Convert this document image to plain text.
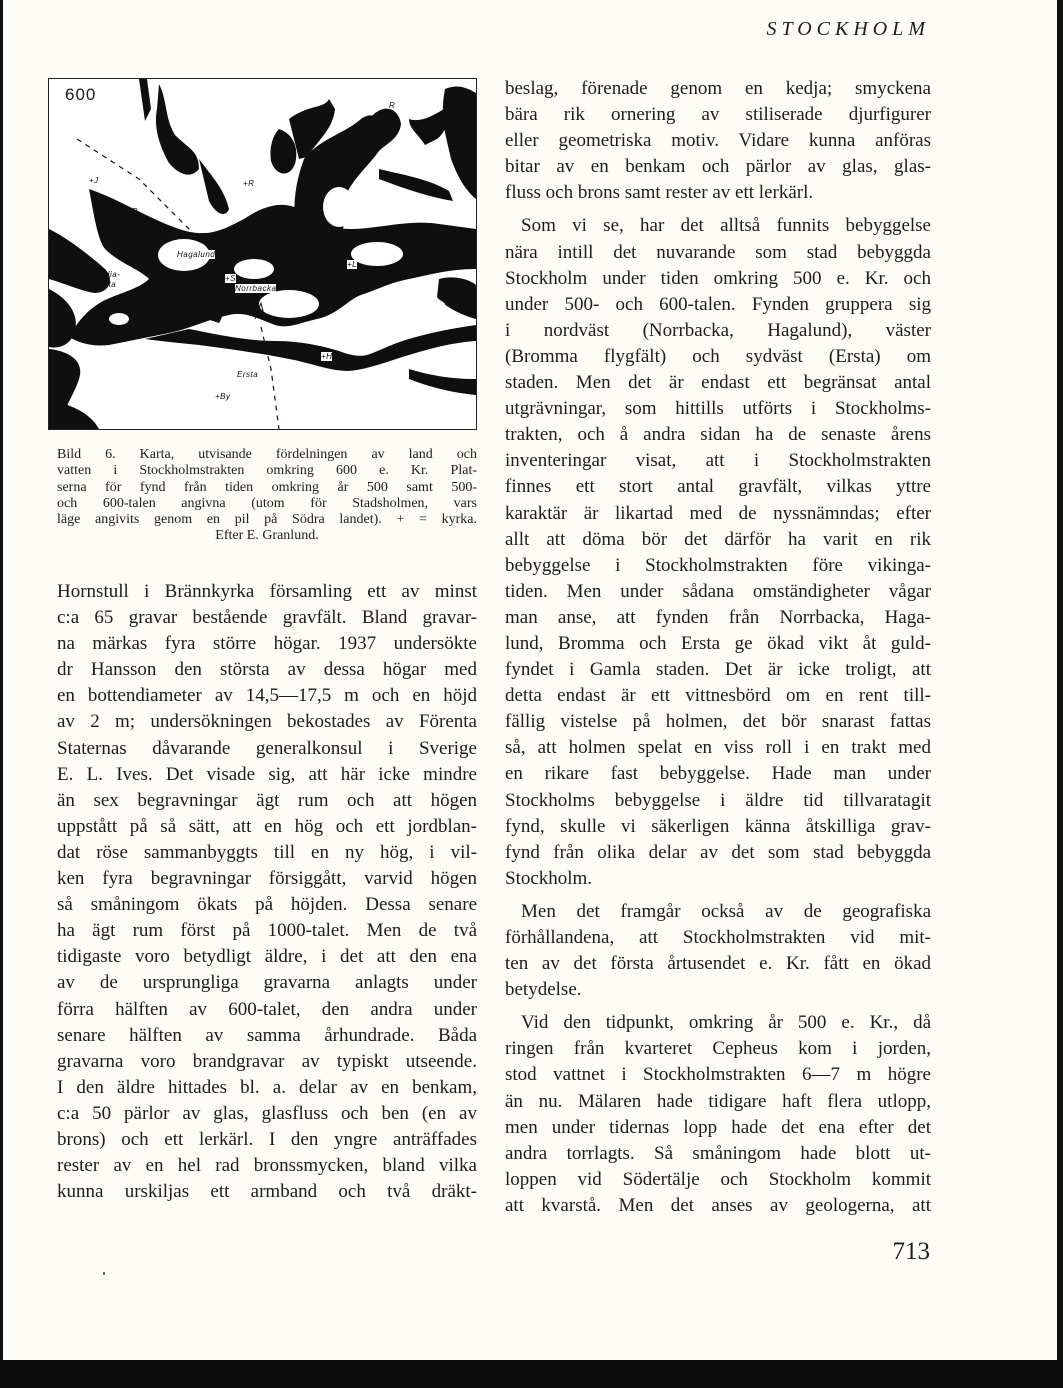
STOCKHOLM
600
Hagalund
Glia-
linta	Norrbacka
Ersta
+B
+S
+SP
+J	+R
+L
+H
+By
R
Bild 6. Karta, utvisande fördelningen av land och
vatten i Stockholmstrakten omkring 600 e. Kr. Plat-
serna för fynd från tiden omkring år 500 samt 500-
och 600-talen angivna (utom för Stadsholmen, vars
läge angivits genom en pil på Södra landet). + = kyrka.
Efter E. Granlund.
Hornstull i Brännkyrka församling ett av minst
c:a 65 gravar bestående gravfält. Bland gravar-
na märkas fyra större högar. 1937 undersökte
dr Hansson den största av dessa högar med
en bottendiameter av 14,5—17,5 m och en höjd
av 2 m; undersökningen bekostades av Förenta
Staternas dåvarande generalkonsul i Sverige
E. L. Ives. Det visade sig, att här icke mindre
än sex begravningar ägt rum och att högen
uppstått på så sätt, att en hög och ett jordblan-
dat röse sammanbyggts till en ny hög, i vil-
ken fyra begravningar försiggått, varvid högen
så småningom ökats på höjden. Dessa senare
ha ägt rum först på 1000-talet. Men de två
tidigaste voro betydligt äldre, i det att den ena
av de ursprungliga gravarna anlagts under
förra hälften av 600-talet, den andra under
senare hälften av samma århundrade. Båda
gravarna voro brandgravar av typiskt utseende.
I den äldre hittades bl. a. delar av en benkam,
c:a 50 pärlor av glas, glasfluss och ben (en av
brons) och ett lerkärl. I den yngre anträffades
rester av en hel rad bronssmycken, bland vilka
kunna urskiljas ett armband och två dräkt-
beslag, förenade genom en kedja; smyckena
bära rik ornering av stiliserade djurfigurer
eller geometriska motiv. Vidare kunna anföras
bitar av en benkam och pärlor av glas, glas-
fluss och brons samt rester av ett lerkärl.
Som vi se, har det alltså funnits bebyggelse
nära intill det nuvarande som stad bebyggda
Stockholm under tiden omkring 500 e. Kr. och
under 500- och 600-talen. Fynden gruppera sig
i nordväst (Norrbacka, Hagalund), väster
(Bromma flygfält) och sydväst (Ersta) om
staden. Men det är endast ett begränsat antal
utgrävningar, som hittills utförts i Stockholms-
trakten, och å andra sidan ha de senaste årens
inventeringar visat, att i Stockholmstrakten
finnes ett stort antal gravfält, vilkas yttre
karaktär är likartad med de nyssnämndas; efter
allt att döma bör det därför ha varit en rik
bebyggelse i Stockholmstrakten före vikinga-
tiden. Men under sådana omständigheter vågar
man anse, att fynden från Norrbacka, Haga-
lund, Bromma och Ersta ge ökad vikt åt guld-
fyndet i Gamla staden. Det är icke troligt, att
detta endast är ett vittnesbörd om en rent till-
fällig vistelse på holmen, det bör snarast fattas
så, att holmen spelat en viss roll i en trakt med
en rikare fast bebyggelse. Hade man under
Stockholms bebyggelse i äldre tid tillvaratagit
fynd, skulle vi säkerligen känna åtskilliga grav-
fynd från olika delar av det som stad bebyggda
Stockholm.
Men det framgår också av de geografiska
förhållandena, att Stockholmstrakten vid mit-
ten av det första årtusendet e. Kr. fått en ökad
betydelse.
Vid den tidpunkt, omkring år 500 e. Kr., då
ringen från kvarteret Cepheus kom i jorden,
stod vattnet i Stockholmstrakten 6—7 m högre
än nu. Mälaren hade tidigare haft flera utlopp,
men under tidernas lopp hade det ena efter det
andra torrlagts. Så småningom hade blott ut-
loppen vid Södertälje och Stockholm kommit
att kvarstå. Men det anses av geologerna, att
713
